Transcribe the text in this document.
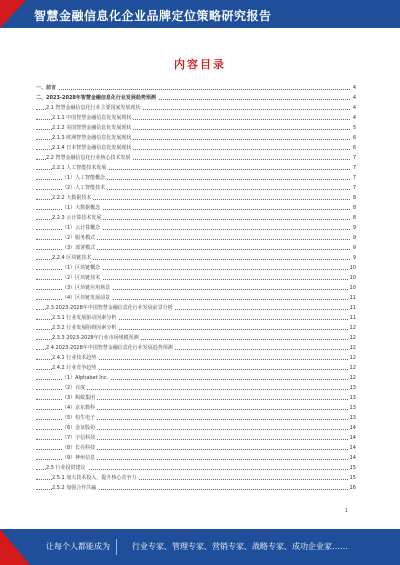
智慧金融信息化企业品牌定位策略研究报告
内容目录
一、前言	4
二、2023-2028年智慧金融信息化行业发展趋势预测	4
2.1 智慧金融信息化行业主要国家发展现状	4
2.1.1 中国智慧金融信息化发展现状	4
2.1.2 美国智慧金融信息化发展现状	5
2.1.3 欧洲智慧金融信息化发展现状	6
2.1.4 日本智慧金融信息化发展现状	6
2.2 智慧金融信息化行业核心技术发展	7
2.2.1 人工智能技术发展	7
（1）人工智能概念	7
（2）人工智能技术	7
2.2.2 大数据技术	8
（1）大数据概念	8
2.2.3 云计算技术发展	8
（1）云计算概念	9
（2）服务模式	9
（3）部署模式	9
2.2.4 区块链技术	9
（1）区块链概念	10
（2）区块链技术	10
（3）区块链应用场景	10
（4）区块链发展前景	11
2.3 2023-2028年中国智慧金融信息化行业发展前景分析	11
2.3.1 行业发展驱动因素分析	11
2.3.2 行业发展阻碍因素分析	12
2.3.3 2023-2028年行业市场规模预测	12
2.4 2023-2028年中国智慧金融信息化行业发展趋势预测	12
2.4.1 行业技术趋势	12
2.4.2 行业竞争趋势	12
（1）Alphabet Inc.	12
（2）百度	13
（3）蚂蚁集团	13
（4）京东数科	13
（5）恒生电子	13
（6）金证股份	14
（7）宇信科技	14
（8）长亮科技	14
（9）神州信息	14
2.5 行业投资建议	15
2.5.1 加大技术投入，提升核心竞争力	15
2.5.2 加强合作共赢	16
1
让每个人都能成为	行业专家、管理专家、营销专家、战略专家、成功企业家……
